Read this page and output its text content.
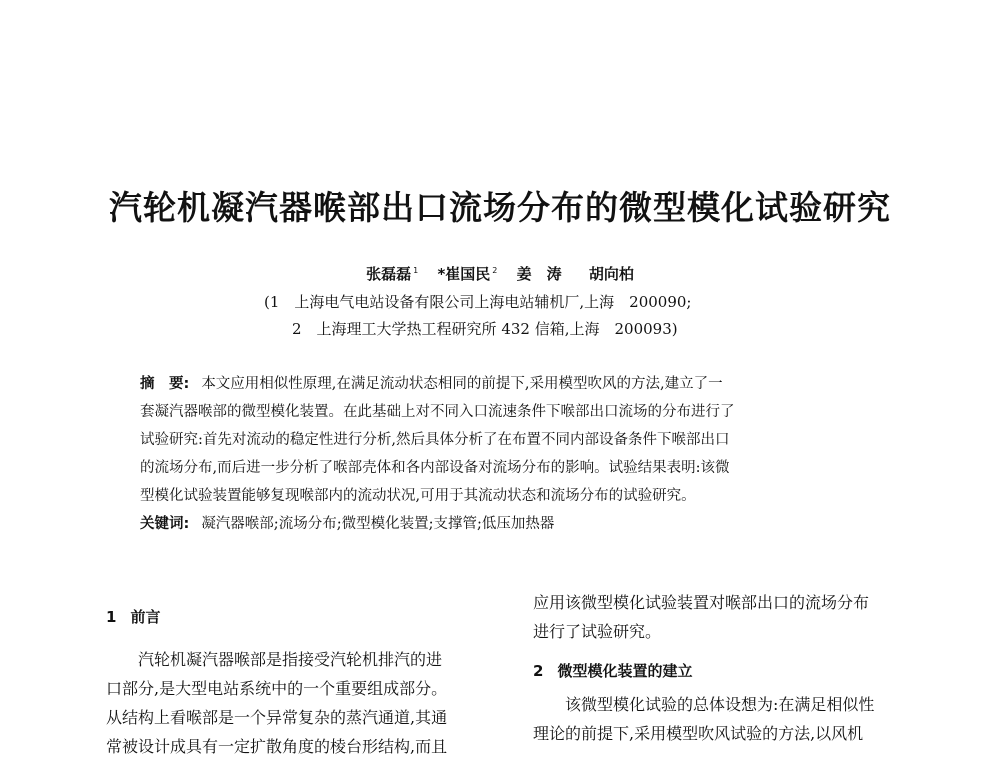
汽轮机凝汽器喉部出口流场分布的微型模化试验研究
张磊磊 $^1$ *崔国民 $^2$ 姜　涛 胡向柏
(1　上海电气电站设备有限公司上海电站辅机厂,上海　200090;
2　上海理工大学热工程研究所 432 信箱,上海　200093)
摘　要: 本文应用相似性原理,在满足流动状态相同的前提下,采用模型吹风的方法,建立了一
套凝汽器喉部的微型模化装置。在此基础上对不同入口流速条件下喉部出口流场的分布进行了
试验研究:首先对流动的稳定性进行分析,然后具体分析了在布置不同内部设备条件下喉部出口
的流场分布,而后进一步分析了喉部壳体和各内部设备对流场分布的影响。试验结果表明:该微
型模化试验装置能够复现喉部内的流动状况,可用于其流动状态和流场分布的试验研究。
关键词: 凝汽器喉部;流场分布;微型模化装置;支撑管;低压加热器
1 前言
　　汽轮机凝汽器喉部是指接受汽轮机排汽的进
口部分,是大型电站系统中的一个重要组成部分。
从结构上看喉部是一个异常复杂的蒸汽通道,其通
常被设计成具有一定扩散角度的棱台形结构,而且
应用该微型模化试验装置对喉部出口的流场分布
进行了试验研究。
2 微型模化装置的建立
　　该微型模化试验的总体设想为:在满足相似性
理论的前提下,采用模型吹风试验的方法,以风机
